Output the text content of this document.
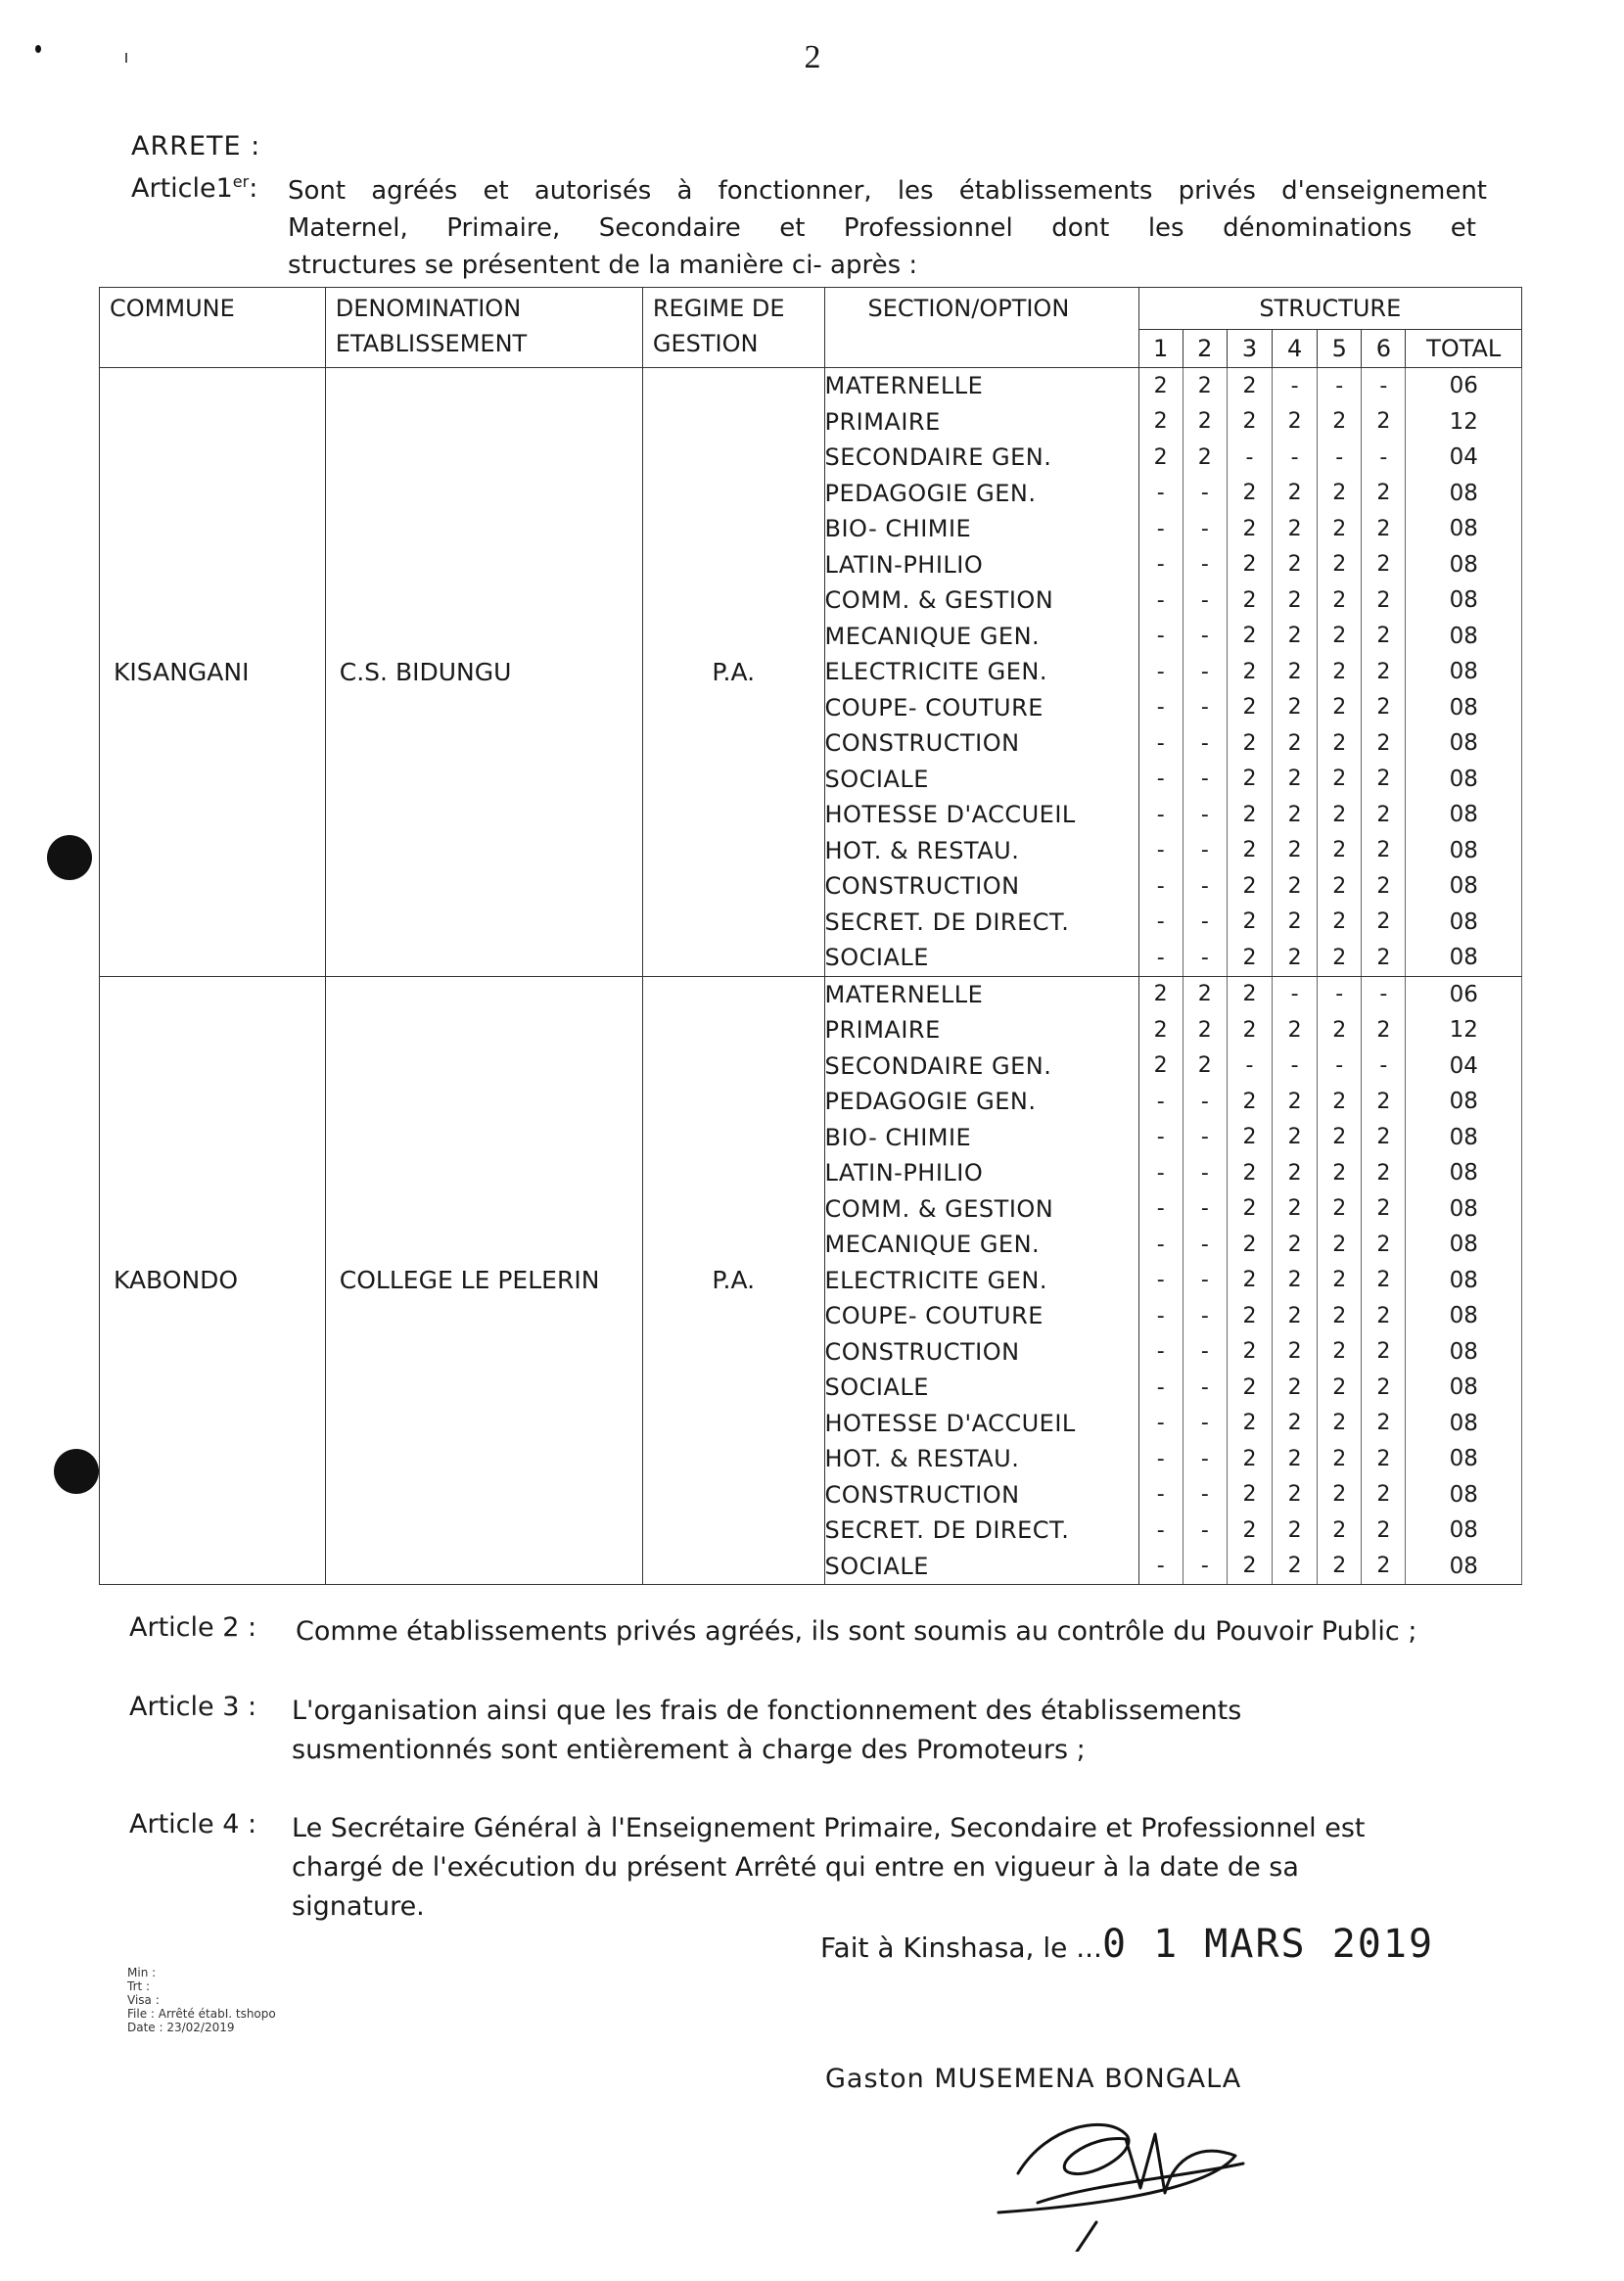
2
ARRETE :
Article1er: Sont agréés et autorisés à fonctionner, les établissements privés d'enseignement
Maternel, Primaire, Secondaire et Professionnel dont les dénominations et
structures se présentent de la manière ci- après :
COMMUNE	DENOMINATION ETABLISSEMENT	REGIME DE GESTION	SECTION/OPTION	STRUCTURE						
				1	2	3	4	5	6	TOTAL
KISANGANI	C.S. BIDUNGU	P.A.	MATERNELLE	2	2	2	-	-	-	06
			PRIMAIRE	2	2	2	2	2	2	12
			SECONDAIRE GEN.	2	2	-	-	-	-	04
			PEDAGOGIE GEN.	-	-	2	2	2	2	08
			BIO- CHIMIE	-	-	2	2	2	2	08
			LATIN-PHILIO	-	-	2	2	2	2	08
			COMM. & GESTION	-	-	2	2	2	2	08
			MECANIQUE GEN.	-	-	2	2	2	2	08
			ELECTRICITE GEN.	-	-	2	2	2	2	08
			COUPE- COUTURE	-	-	2	2	2	2	08
			CONSTRUCTION	-	-	2	2	2	2	08
			SOCIALE	-	-	2	2	2	2	08
			HOTESSE D'ACCUEIL	-	-	2	2	2	2	08
			HOT. & RESTAU.	-	-	2	2	2	2	08
			CONSTRUCTION	-	-	2	2	2	2	08
			SECRET. DE DIRECT.	-	-	2	2	2	2	08
			SOCIALE	-	-	2	2	2	2	08
KABONDO	COLLEGE LE PELERIN	P.A.	MATERNELLE	2	2	2	-	-	-	06
			PRIMAIRE	2	2	2	2	2	2	12
			SECONDAIRE GEN.	2	2	-	-	-	-	04
			PEDAGOGIE GEN.	-	-	2	2	2	2	08
			BIO- CHIMIE	-	-	2	2	2	2	08
			LATIN-PHILIO	-	-	2	2	2	2	08
			COMM. & GESTION	-	-	2	2	2	2	08
			MECANIQUE GEN.	-	-	2	2	2	2	08
			ELECTRICITE GEN.	-	-	2	2	2	2	08
			COUPE- COUTURE	-	-	2	2	2	2	08
			CONSTRUCTION	-	-	2	2	2	2	08
			SOCIALE	-	-	2	2	2	2	08
			HOTESSE D'ACCUEIL	-	-	2	2	2	2	08
			HOT. & RESTAU.	-	-	2	2	2	2	08
			CONSTRUCTION	-	-	2	2	2	2	08
			SECRET. DE DIRECT.	-	-	2	2	2	2	08
			SOCIALE	-	-	2	2	2	2	08
Article 2 : Comme établissements privés agréés, ils sont soumis au contrôle du Pouvoir Public ;
Article 3 : L'organisation ainsi que les frais de fonctionnement des établissements
susmentionnés sont entièrement à charge des Promoteurs ;
Article 4 : Le Secrétaire Général à l'Enseignement Primaire, Secondaire et Professionnel est
chargé de l'exécution du présent Arrêté qui entre en vigueur à la date de sa
signature.
Fait à Kinshasa, le ...0 1 MARS 2019
Min :
Trt :
Visa :
File : Arrêté étabI. tshopo
Date : 23/02/2019
Gaston MUSEMENA BONGALA
